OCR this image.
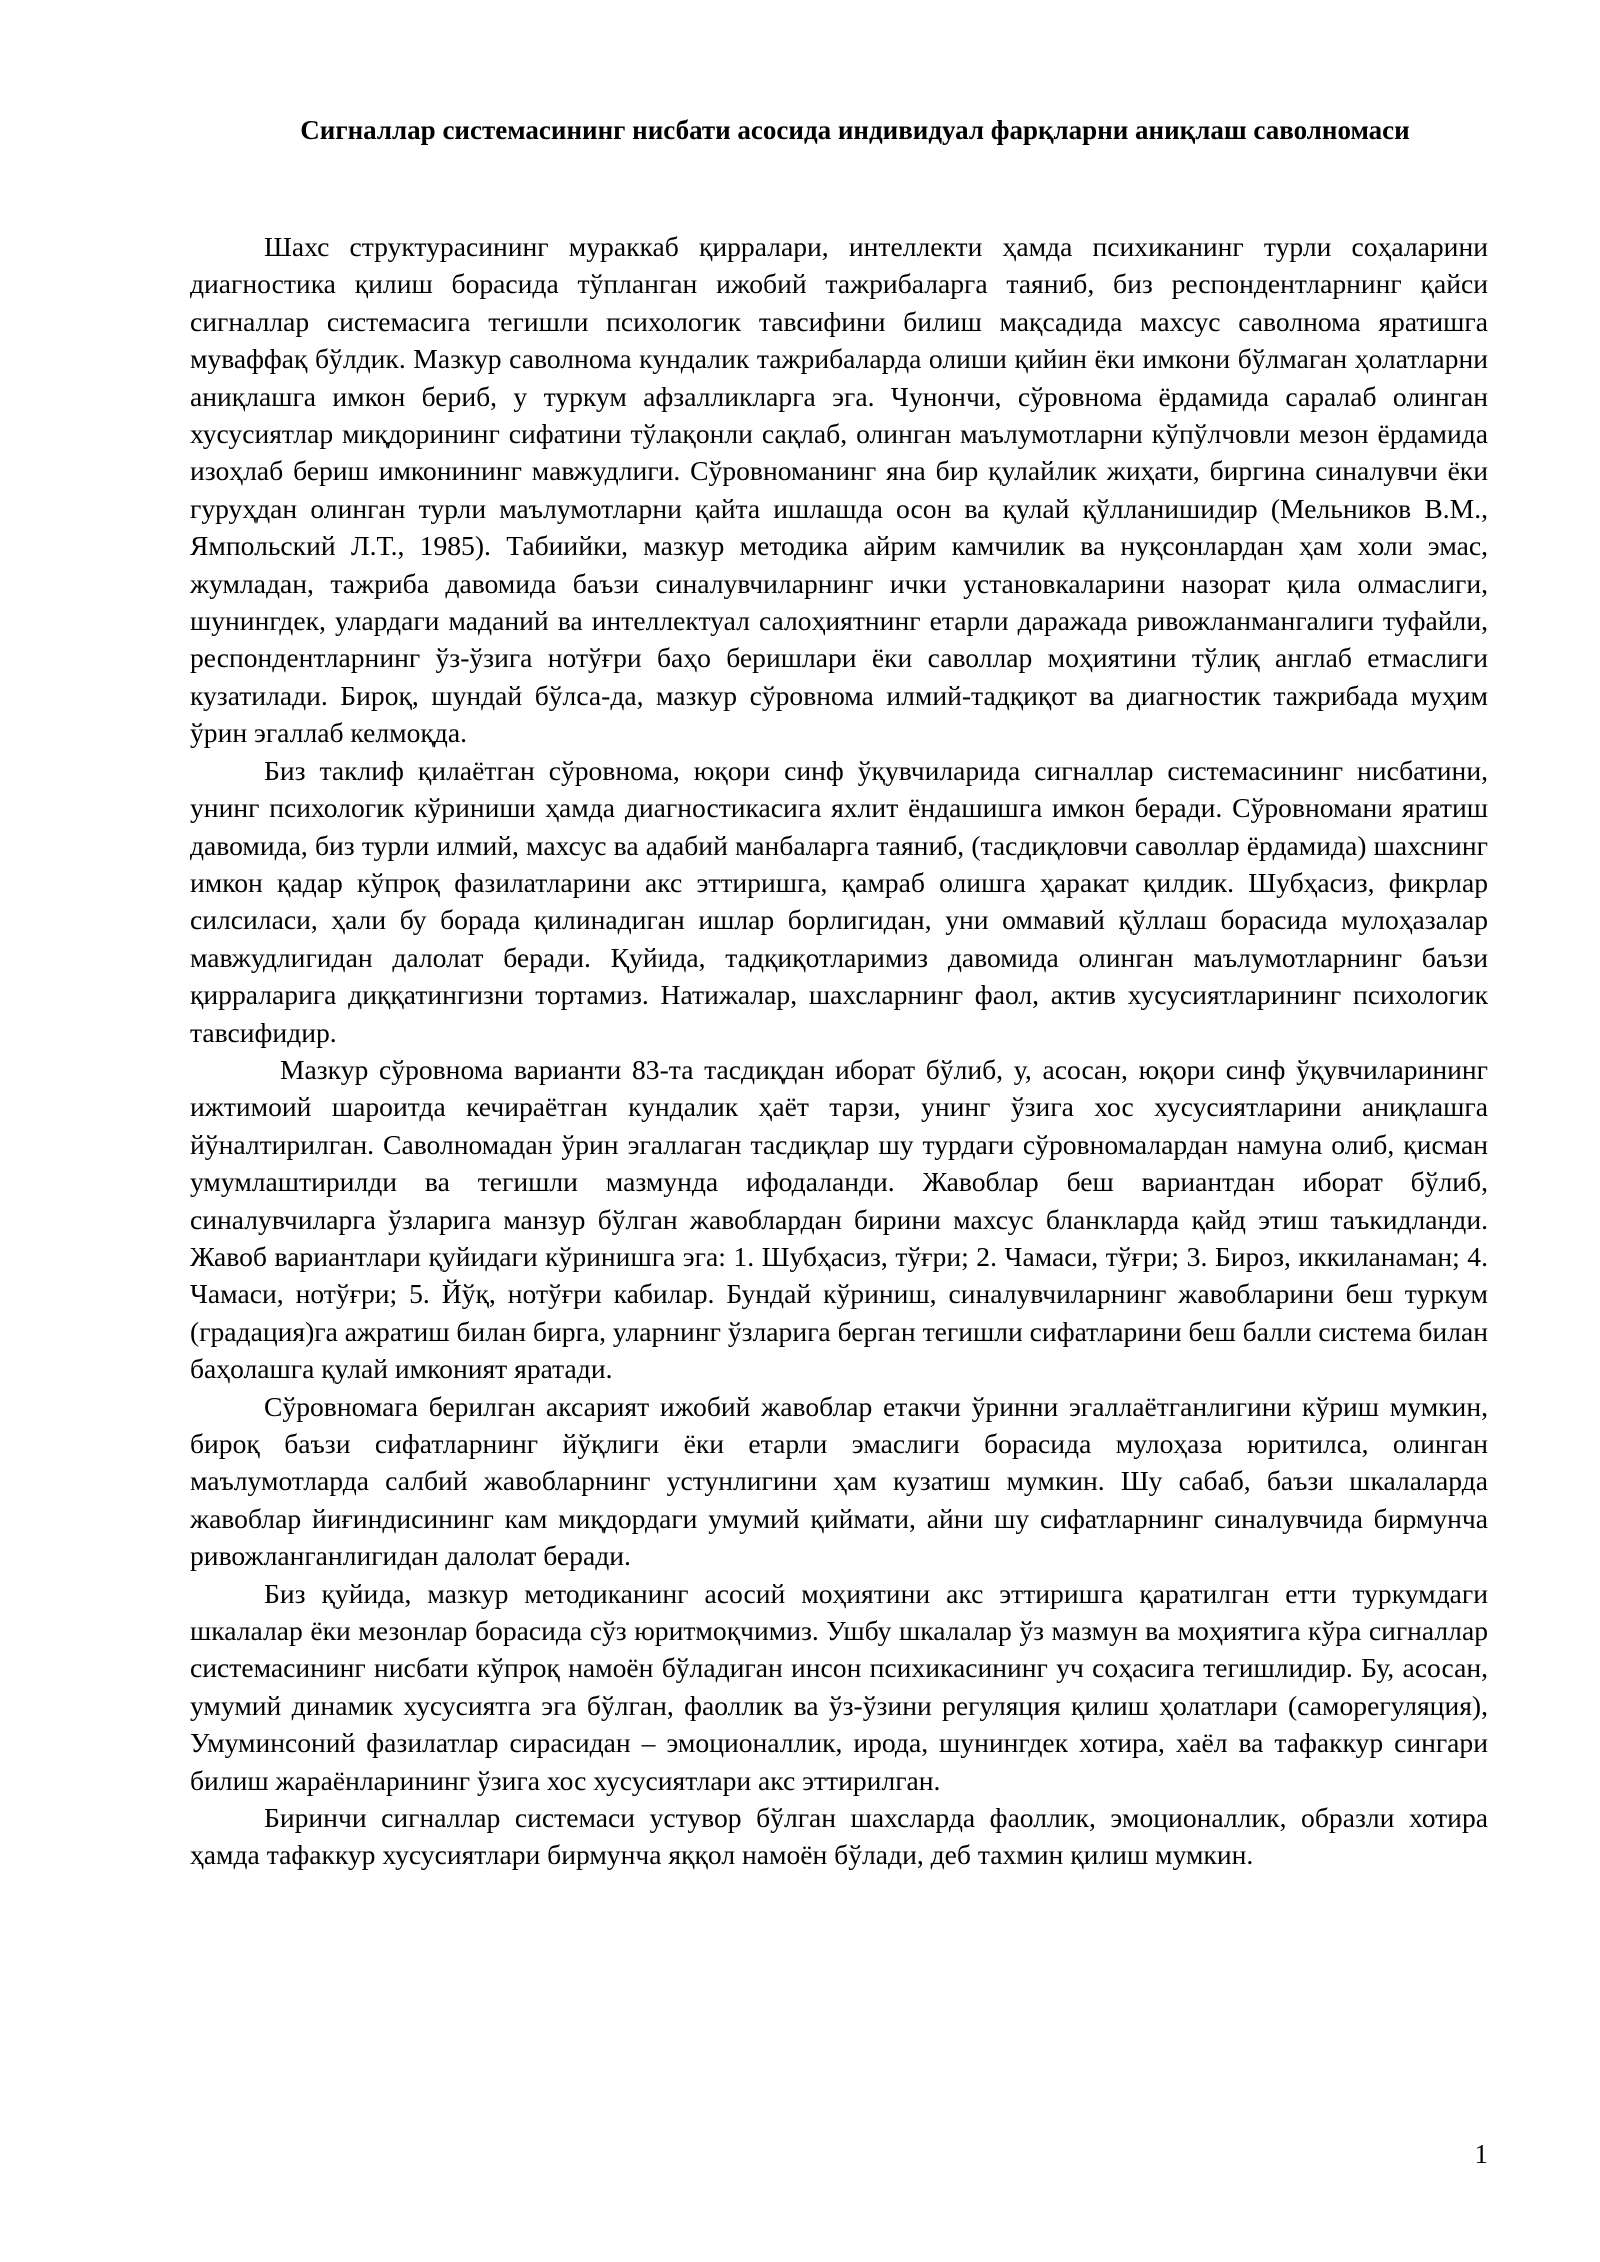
Сигналлар системасининг нисбати асосида индивидуал фарқларни аниқлаш саволномаси

Шахс структурасининг мураккаб қирралари, интеллекти ҳамда психиканинг турли соҳаларини диагностика қилиш борасида тўпланган ижобий тажрибаларга таяниб, биз респондентларнинг қайси сигналлар системасига тегишли психологик тавсифини билиш мақсадида махсус саволнома яратишга муваффақ бўлдик. Мазкур саволнома кундалик тажрибаларда олиши қийин ёки имкони бўлмаган ҳолатларни аниқлашга имкон бериб, у туркум афзалликларга эга. Чунончи, сўровнома ёрдамида саралаб олинган хусусиятлар миқдорининг сифатини тўлақонли сақлаб, олинган маълумотларни кўпўлчовли мезон ёрдамида изоҳлаб бериш имконининг мавжудлиги. Сўровноманинг яна бир қулайлик жиҳати, биргина синалувчи ёки гуруҳдан олинган турли маълумотларни қайта ишлашда осон ва қулай қўлланишидир (Мельников В.М., Ямпольский Л.Т., 1985). Табиийки, мазкур методика айрим камчилик ва нуқсонлардан ҳам холи эмас, жумладан, тажриба давомида баъзи синалувчиларнинг ички установкаларини назорат қила олмаслиги, шунингдек, улардаги маданий ва интеллектуал салоҳиятнинг етарли даражада ривожланмангалиги туфайли, респондентларнинг ўз-ўзига нотўғри баҳо беришлари ёки саволлар моҳиятини тўлиқ англаб етмаслиги кузатилади. Бироқ, шундай бўлса-да, мазкур сўровнома илмий-тадқиқот ва диагностик тажрибада муҳим ўрин эгаллаб келмоқда.

Биз таклиф қилаётган сўровнома, юқори синф ўқувчиларида сигналлар системасининг нисбатини, унинг психологик кўриниши ҳамда диагностикасига яхлит ёндашишга имкон беради. Сўровномани яратиш давомида, биз турли илмий, махсус ва адабий манбаларга таяниб, (тасдиқловчи саволлар ёрдамида) шахснинг имкон қадар кўпроқ фазилатларини акс эттиришга, қамраб олишга ҳаракат қилдик. Шубҳасиз, фикрлар силсиласи, ҳали бу борада қилинадиган ишлар борлигидан, уни оммавий қўллаш борасида мулоҳазалар мавжудлигидан далолат беради. Қуйида, тадқиқотларимиз давомида олинган маълумотларнинг баъзи қирраларига диққатингизни тортамиз. Натижалар, шахсларнинг фаол, актив хусусиятларининг психологик тавсифидир.

Мазкур сўровнома варианти 83-та тасдиқдан иборат бўлиб, у, асосан, юқори синф ўқувчиларининг ижтимоий шароитда кечираётган кундалик ҳаёт тарзи, унинг ўзига хос хусусиятларини аниқлашга йўналтирилган. Саволномадан ўрин эгаллаган тасдиқлар шу турдаги сўровномалардан намуна олиб, қисман умумлаштирилди ва тегишли мазмунда ифодаланди. Жавоблар беш вариантдан иборат бўлиб, синалувчиларга ўзларига манзур бўлган жавоблардан бирини махсус бланкларда қайд этиш таъкидланди. Жавоб вариантлари қуйидаги кўринишга эга: 1. Шубҳасиз, тўғри; 2. Чамаси, тўғри; 3. Бироз, иккиланаман; 4. Чамаси, нотўғри; 5. Йўқ, нотўғри кабилар. Бундай кўриниш, синалувчиларнинг жавобларини беш туркум (градация)га ажратиш билан бирга, уларнинг ўзларига берган тегишли сифатларини беш балли система билан баҳолашга қулай имконият яратади.

Сўровномага берилган аксарият ижобий жавоблар етакчи ўринни эгаллаётганлигини кўриш мумкин, бироқ баъзи сифатларнинг йўқлиги ёки етарли эмаслиги борасида мулоҳаза юритилса, олинган маълумотларда салбий жавобларнинг устунлигини ҳам кузатиш мумкин. Шу сабаб, баъзи шкалаларда жавоблар йиғиндисининг кам миқдордаги умумий қиймати, айни шу сифатларнинг синалувчида бирмунча ривожланганлигидан далолат беради.

Биз қуйида, мазкур методиканинг асосий моҳиятини акс эттиришга қаратилган етти туркумдаги шкалалар ёки мезонлар борасида сўз юритмоқчимиз. Ушбу шкалалар ўз мазмун ва моҳиятига кўра сигналлар системасининг нисбати кўпроқ намоён бўладиган инсон психикасининг уч соҳасига тегишлидир. Бу, асосан, умумий динамик хусусиятга эга бўлган, фаоллик ва ўз-ўзини регуляция қилиш ҳолатлари (саморегуляция), Умуминсоний фазилатлар сирасидан – эмоционаллик, ирода, шунингдек хотира, хаёл ва тафаккур сингари билиш жараёнларининг ўзига хос хусусиятлари акс эттирилган.

Биринчи сигналлар системаси устувор бўлган шахсларда фаоллик, эмоционаллик, образли хотира ҳамда тафаккур хусусиятлари бирмунча яққол намоён бўлади, деб тахмин қилиш мумкин.

1
